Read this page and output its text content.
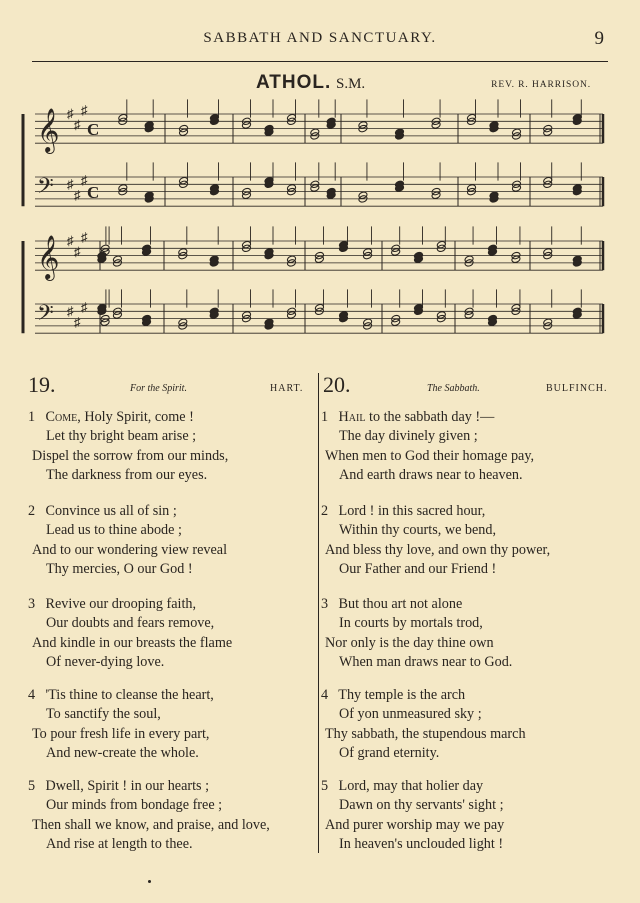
SABBATH AND SANCTUARY.	9
ATHOL. S.M.	REV. R. HARRISON.
𝄞 ♯
♯
♯
C
𝄢 ♯
♯
♯
C
𝄞 ♯
♯
♯
𝄢 ♯
♯
♯
19.	For the Spirit.	HART. 20.	The Sabbath.	BULFINCH.
1 Come, Holy Spirit, come !
Let thy bright beam arise ;
Dispel the sorrow from our minds,
The darkness from our eyes.
2 Convince us all of sin ;
Lead us to thine abode ;
And to our wondering view reveal
Thy mercies, O our God !
3 Revive our drooping faith,
Our doubts and fears remove,
And kindle in our breasts the flame
Of never-dying love.
4 'Tis thine to cleanse the heart,
To sanctify the soul,
To pour fresh life in every part,
And new-create the whole.
5 Dwell, Spirit ! in our hearts ;
Our minds from bondage free ;
Then shall we know, and praise, and love,
And rise at length to thee.
1 Hail to the sabbath day !—
The day divinely given ;
When men to God their homage pay,
And earth draws near to heaven.
2 Lord ! in this sacred hour,
Within thy courts, we bend,
And bless thy love, and own thy power,
Our Father and our Friend !
3 But thou art not alone
In courts by mortals trod,
Nor only is the day thine own
When man draws near to God.
4 Thy temple is the arch
Of yon unmeasured sky ;
Thy sabbath, the stupendous march
Of grand eternity.
5 Lord, may that holier day
Dawn on thy servants' sight ;
And purer worship may we pay
In heaven's unclouded light !
